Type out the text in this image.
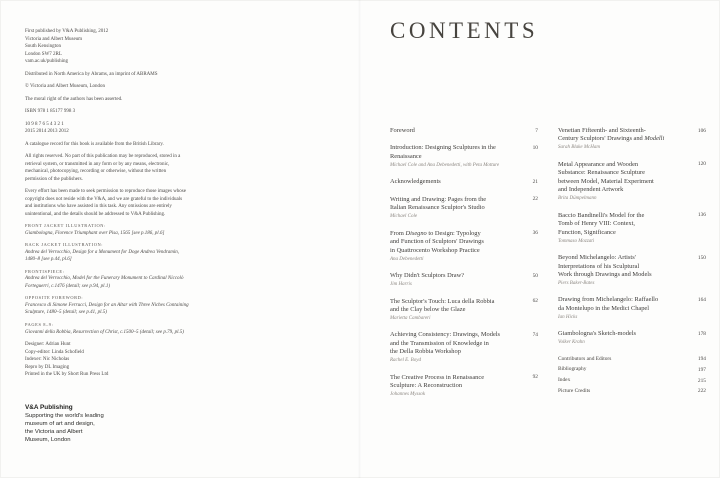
First published by V&A Publishing, 2012
Victoria and Albert Museum
South Kensington
London SW7 2RL
vam.ac.uk/publishing
Distributed in North America by Abrams, an imprint of ABRAMS
© Victoria and Albert Museum, London
The moral right of the authors has been asserted.
ISBN 978 1 85177 998 3
10 9 8 7 6 5 4 3 2 1
2015 2014 2013 2012
A catalogue record for this book is available from the British Library.
All rights reserved. No part of this publication may be reproduced, stored in a retrieval system, or transmitted in any form or by any means, electronic, mechanical, photocopying, recording or otherwise, without the written permission of the publishers.
Every effort has been made to seek permission to reproduce those images whose copyright does not reside with the V&A, and we are grateful to the individuals and institutions who have assisted in this task. Any omissions are entirely unintentional, and the details should be addressed to V&A Publishing.
FRONT JACKET ILLUSTRATION:
Giambologna, Florence Triumphant over Pisa, 1565 [see p.186, pl.6]
BACK JACKET ILLUSTRATION:
Andrea del Verrocchio, Design for a Monument for Doge Andrea Vendramin, 1480–8 [see p.44, pl.6]
FRONTISPIECE:
Andrea del Verrocchio, Model for the Funerary Monument to Cardinal Niccolò Forteguerri, c.1476 (detail; see p.94, pl.1)
OPPOSITE FOREWORD:
Francesco di Simone Ferrucci, Design for an Altar with Three Niches Containing Sculpture, 1480–5 (detail; see p.41, pl.5)
PAGES 8–9:
Giovanni della Robbia, Resurrection of Christ, c.1500–5 (detail; see p.79, pl.5)
Designer: Adrian Hunt
Copy-editor: Linda Schofield
Indexer: Nic Nicholas
Repro by DL Imaging
Printed in the UK by Short Run Press Ltd
V&A Publishing
Supporting the world's leading
museum of art and design,
the Victoria and Albert
Museum, London
CONTENTS
Foreword	7
Introduction: Designing Sculptures in the
Renaissance
Michael Cole and Ana Debenedetti, with Peta Motture
10
Acknowledgements	21
Writing and Drawing: Pages from the
Italian Renaissance Sculptor's Studio
Michael Cole
22
From Disegno to Design: Typology
and Function of Sculptors' Drawings
in Quattrocento Workshop Practice
Ana Debenedetti
36
Why Didn't Sculptors Draw?
Jim Harris
50
The Sculptor's Touch: Luca della Robbia
and the Clay below the Glaze
Marietta Cambareri
62
Achieving Consistency: Drawings, Models
and the Transmission of Knowledge in
the Della Robbia Workshop
Rachel E. Boyd
74
The Creative Process in Renaissance
Sculpture: A Reconstruction
Johannes Myssok
92
Venetian Fifteenth- and Sixteenth-
Century Sculptors' Drawings and Modelli
Sarah Blake McHam
106
Metal Appearance and Wooden
Substance: Renaissance Sculpture
between Model, Material Experiment
and Independent Artwork
Brita Dümpelmann
120
Baccio Bandinelli's Model for the
Tomb of Henry VIII: Context,
Function, Significance
Tommaso Mozzati
136
Beyond Michelangelo: Artists'
Interpretations of his Sculptural
Work through Drawings and Models
Piers Baker-Bates
150
Drawing from Michelangelo: Raffaello
da Montelupo in the Medici Chapel
Ian Hicks
164
Giambologna's Sketch-models
Volker Krahn
178
Contributors and Editors	194
Bibliography	197
Index	215
Picture Credits	222
